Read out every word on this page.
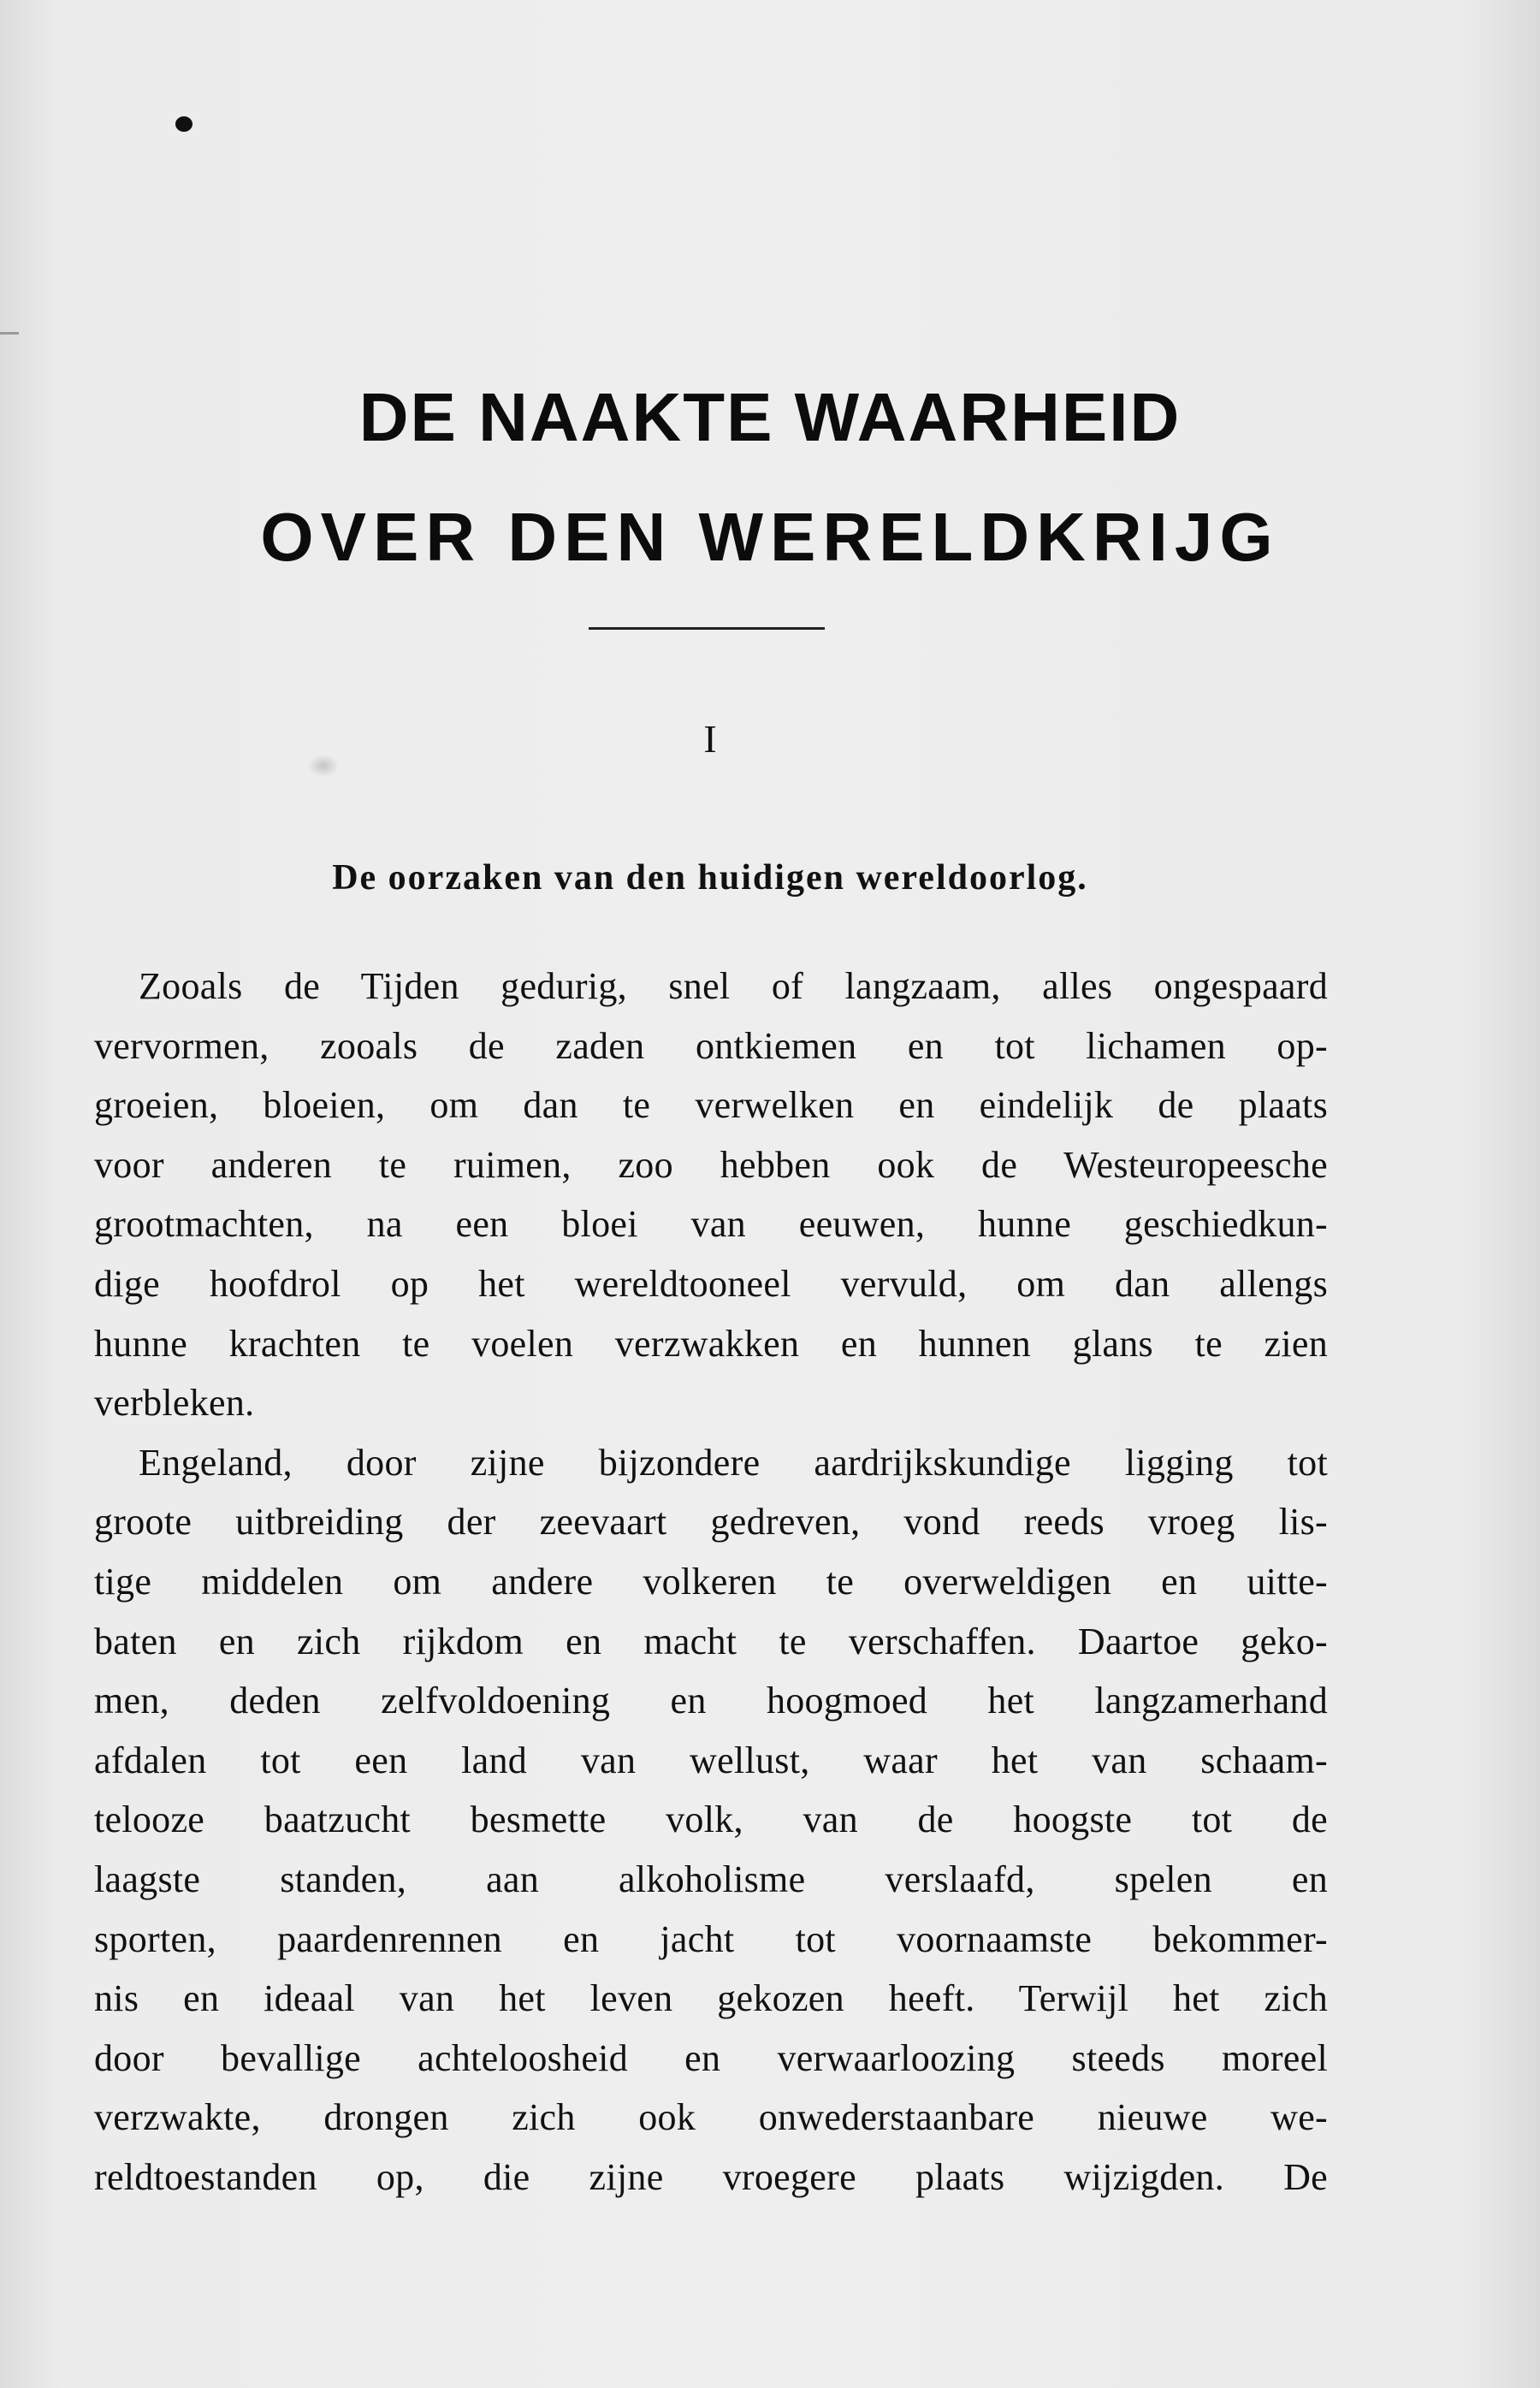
DE NAAKTE WAARHEID
OVER DEN WERELDKRIJG
I
De oorzaken van den huidigen wereldoorlog.
Zooals de Tijden gedurig, snel of langzaam, alles ongespaard
vervormen, zooals de zaden ontkiemen en tot lichamen op-
groeien, bloeien, om dan te verwelken en eindelijk de plaats
voor anderen te ruimen, zoo hebben ook de Westeuropeesche
grootmachten, na een bloei van eeuwen, hunne geschiedkun-
dige hoofdrol op het wereldtooneel vervuld, om dan allengs
hunne krachten te voelen verzwakken en hunnen glans te zien
verbleken.
Engeland, door zijne bijzondere aardrijkskundige ligging tot
groote uitbreiding der zeevaart gedreven, vond reeds vroeg lis-
tige middelen om andere volkeren te overweldigen en uitte-
baten en zich rijkdom en macht te verschaffen. Daartoe geko-
men, deden zelfvoldoening en hoogmoed het langzamerhand
afdalen tot een land van wellust, waar het van schaam-
telooze baatzucht besmette volk, van de hoogste tot de
laagste standen, aan alkoholisme verslaafd, spelen en
sporten, paardenrennen en jacht tot voornaamste bekommer-
nis en ideaal van het leven gekozen heeft. Terwijl het zich
door bevallige achteloosheid en verwaarloozing steeds moreel
verzwakte, drongen zich ook onwederstaanbare nieuwe we-
reldtoestanden op, die zijne vroegere plaats wijzigden. De
